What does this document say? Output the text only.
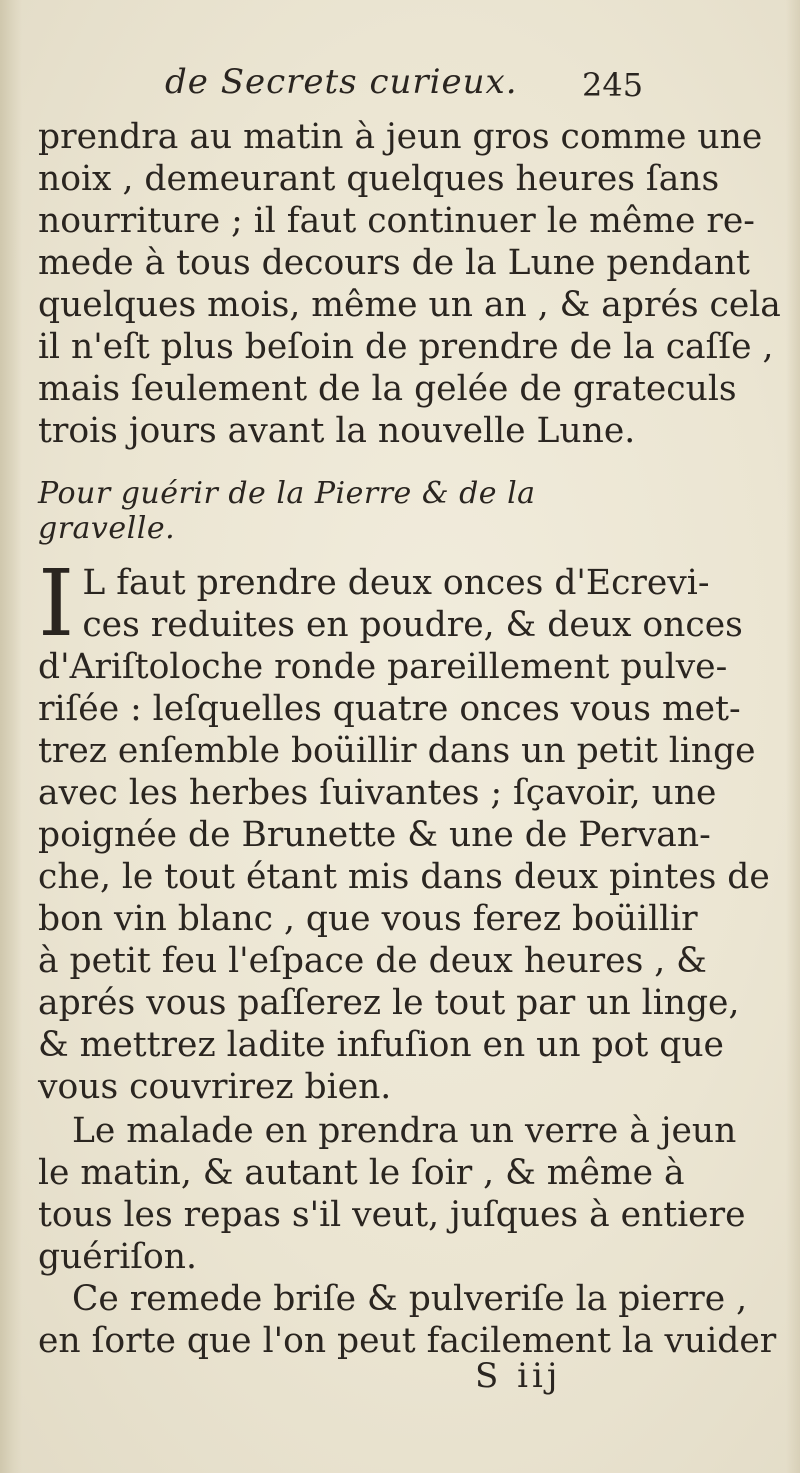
de Secrets curieux. 245
prendra au matin à jeun gros comme une
noix , demeurant quelques heures ſans
nourriture ; il faut continuer le même re-
mede à tous decours de la Lune pendant
quelques mois, même un an , & aprés cela
il n'eſt plus beſoin de prendre de la caſſe ,
mais ſeulement de la gelée de grateculs
trois jours avant la nouvelle Lune.
Pour guérir de la Pierre & de la gravelle.
I L faut prendre deux onces d'Ecrevi-
ces reduites en poudre, & deux onces
d'Ariſtoloche ronde pareillement pulve-
riſée : leſquelles quatre onces vous met-
trez enſemble boüillir dans un petit linge
avec les herbes ſuivantes ; ſçavoir, une
poignée de Brunette & une de Pervan-
che, le tout étant mis dans deux pintes de
bon vin blanc , que vous ferez boüillir
à petit feu l'eſpace de deux heures , &
aprés vous paſſerez le tout par un linge,
& mettrez ladite infuſion en un pot que
vous couvrirez bien.
Le malade en prendra un verre à jeun
le matin, & autant le ſoir , & même à
tous les repas s'il veut, juſques à entiere
guériſon.
Ce remede briſe & pulveriſe la pierre ,
en ſorte que l'on peut facilement la vuider
S iij
